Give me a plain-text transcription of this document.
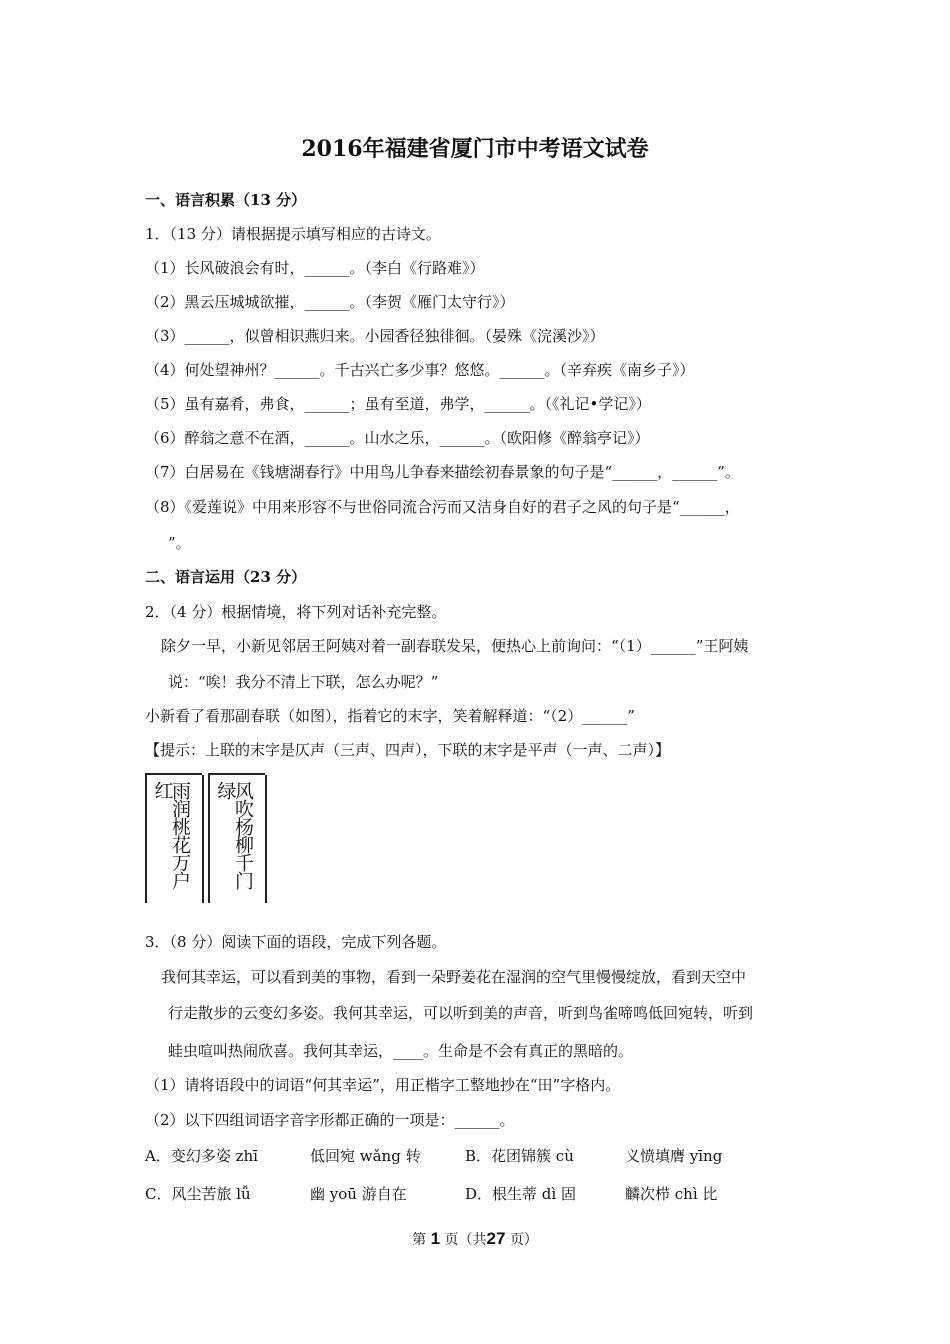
2016年福建省厦门市中考语文试卷
一、语言积累（13 分）
1．（13 分）请根据提示填写相应的古诗文。
（1）长风破浪会有时，______。（李白《行路难》）
（2）黑云压城城欲摧，______。（李贺《雁门太守行》）
（3）______，似曾相识燕归来。小园香径独徘徊。（晏殊《浣溪沙》）
（4）何处望神州？______。千古兴亡多少事？悠悠。______。（辛弃疾《南乡子》）
（5）虽有嘉肴，弗食，______；虽有至道，弗学，______。（《礼记•学记》）
（6）醉翁之意不在酒，______。山水之乐，______。（欧阳修《醉翁亭记》）
（7）白居易在《钱塘湖春行》中用鸟儿争春来描绘初春景象的句子是“______，______”。
（8）《爱莲说》中用来形容不与世俗同流合污而又洁身自好的君子之风的句子是“______，
”。
二、语言运用（23 分）
2．（4 分）根据情境，将下列对话补充完整。
除夕一早，小新见邻居王阿姨对着一副春联发呆，便热心上前询问：“（1）______”王阿姨
说：“唉！我分不清上下联，怎么办呢？”
小新看了看那副春联（如图），指着它的末字，笑着解释道：“（2）______”
【提示：上联的末字是仄声（三声、四声），下联的末字是平声（一声、二声）】
雨润桃花万户红	风吹杨柳千门绿
3．（8 分）阅读下面的语段，完成下列各题。
我何其幸运，可以看到美的事物，看到一朵野姜花在湿润的空气里慢慢绽放，看到天空中
行走散步的云变幻多姿。我何其幸运，可以听到美的声音，听到鸟雀啼鸣低回宛转，听到
蛙虫喧叫热闹欣喜。我何其幸运，____。生命是不会有真正的黑暗的。
（1）请将语段中的词语“何其幸运”，用正楷字工整地抄在“田”字格内。
（2）以下四组词语字音字形都正确的一项是：______。
A．变幻多姿 zhī	低回宛 wǎng 转	B．花团锦簇 cù	义愤填膺 yīng
C．风尘苦旅 lǚ	幽 yoū 游自在	D．根生蒂 dì 固	麟次栉 chì 比
第 1 页（共27 页）
